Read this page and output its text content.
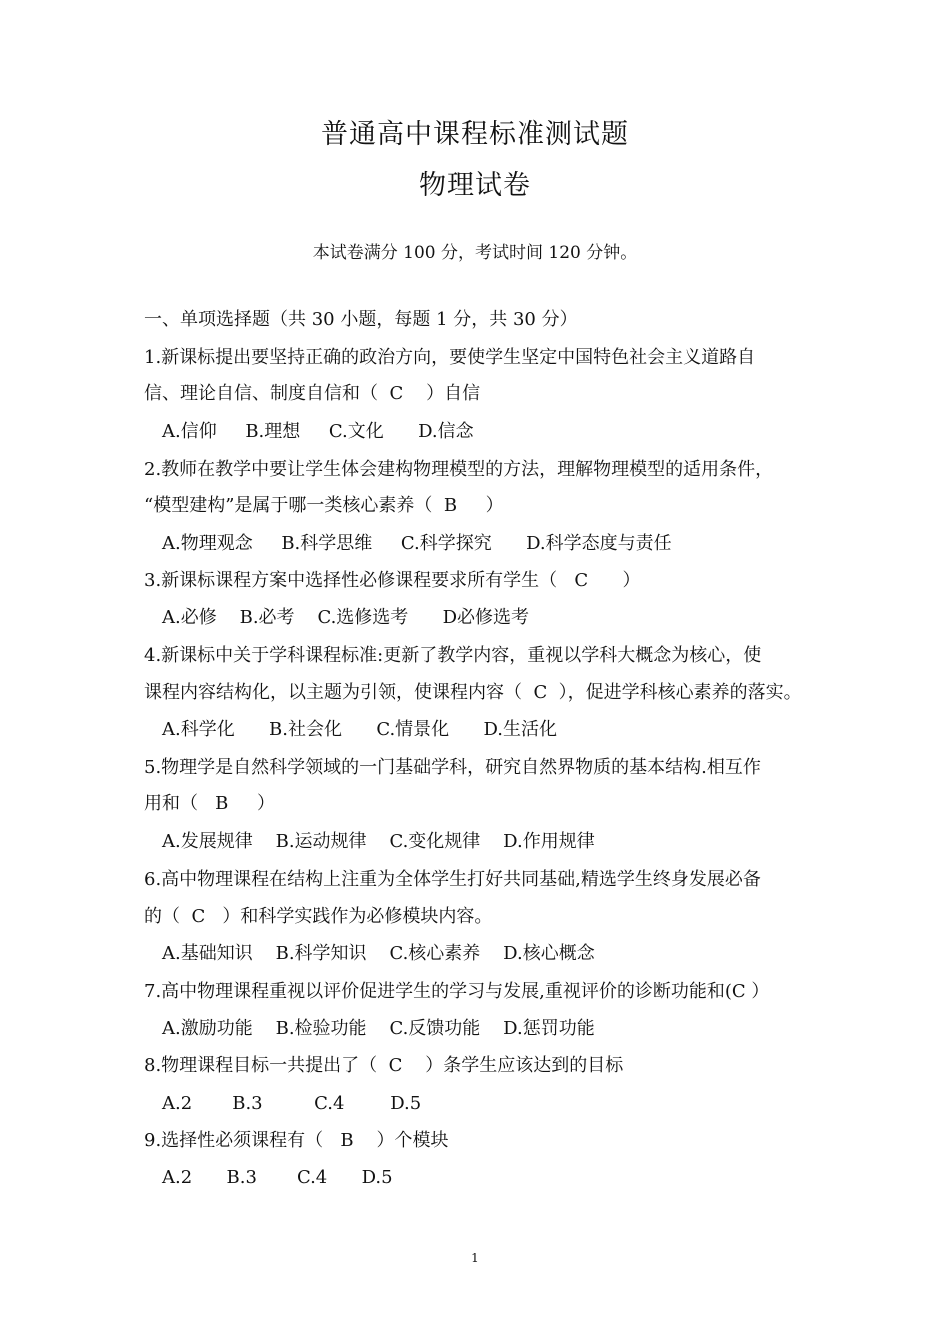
普通高中课程标准测试题
物理试卷
本试卷满分 100 分，考试时间 120 分钟。
一、单项选择题（共 30 小题，每题 1 分，共 30 分）
1.新课标提出要坚持正确的政治方向，要使学生坚定中国特色社会主义道路自
信、理论自信、制度自信和（  C    ）自信
A.信仰     B.理想     C.文化      D.信念
2.教师在教学中要让学生体会建构物理模型的方法，理解物理模型的适用条件，
“模型建构”是属于哪一类核心素养（  B     ）
A.物理观念     B.科学思维     C.科学探究      D.科学态度与责任
3.新课标课程方案中选择性必修课程要求所有学生（   C      ）
A.必修    B.必考    C.选修选考      D必修选考
4.新课标中关于学科课程标准:更新了教学内容，重视以学科大概念为核心，使
课程内容结构化，以主题为引领，使课程内容（  C  ），促进学科核心素养的落实。
A.科学化      B.社会化      C.情景化      D.生活化
5.物理学是自然科学领域的一门基础学科，研究自然界物质的基本结构.相互作
用和（   B     ）
A.发展规律    B.运动规律    C.变化规律    D.作用规律
6.高中物理课程在结构上注重为全体学生打好共同基础,精选学生终身发展必备
的（  C   ）和科学实践作为必修模块内容。
A.基础知识    B.科学知识    C.核心素养    D.核心概念
7.高中物理课程重视以评价促进学生的学习与发展,重视评价的诊断功能和(C ）
A.激励功能    B.检验功能    C.反馈功能    D.惩罚功能
8.物理课程目标一共提出了（  C    ）条学生应该达到的目标
A.2       B.3         C.4        D.5
9.选择性必须课程有（   B    ）个模块
A.2      B.3       C.4      D.5
1
